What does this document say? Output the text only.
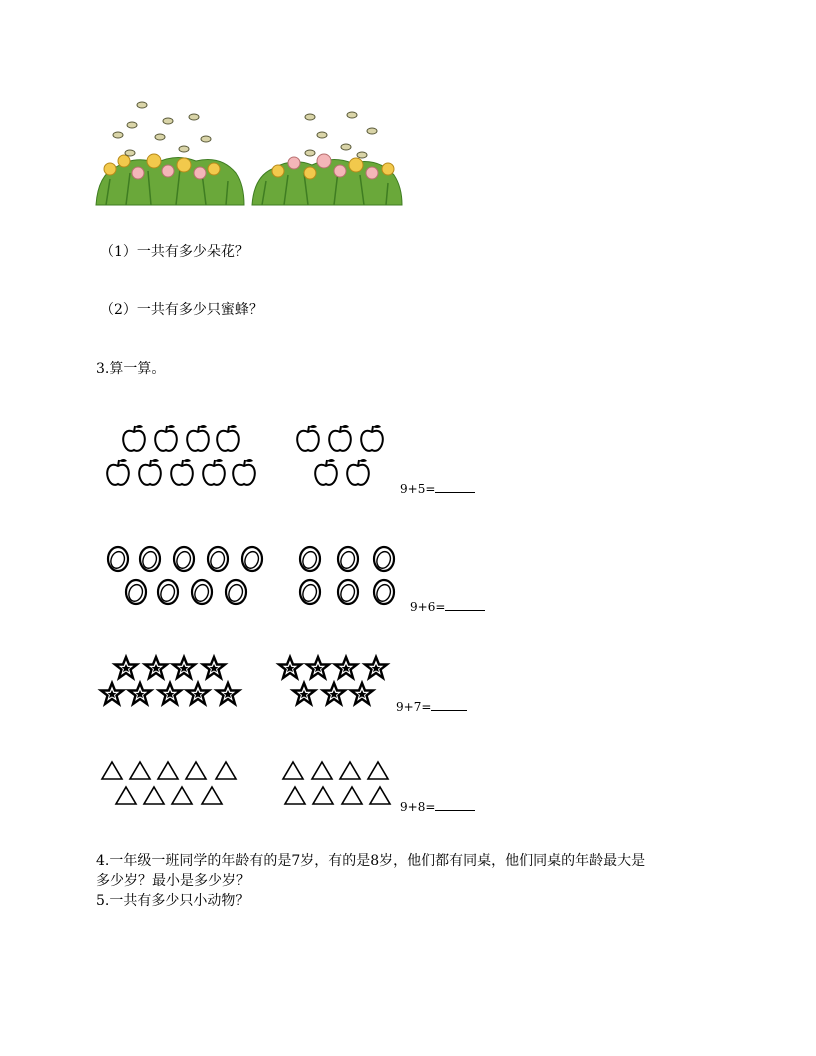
（1）一共有多少朵花？
（2）一共有多少只蜜蜂？
3.算一算。
9+5=
9+6=
9+7=
9+8=
4.一年级一班同学的年龄有的是7岁，有的是8岁，他们都有同桌，他们同桌的年龄最大是
多少岁？最小是多少岁？
5.一共有多少只小动物？
